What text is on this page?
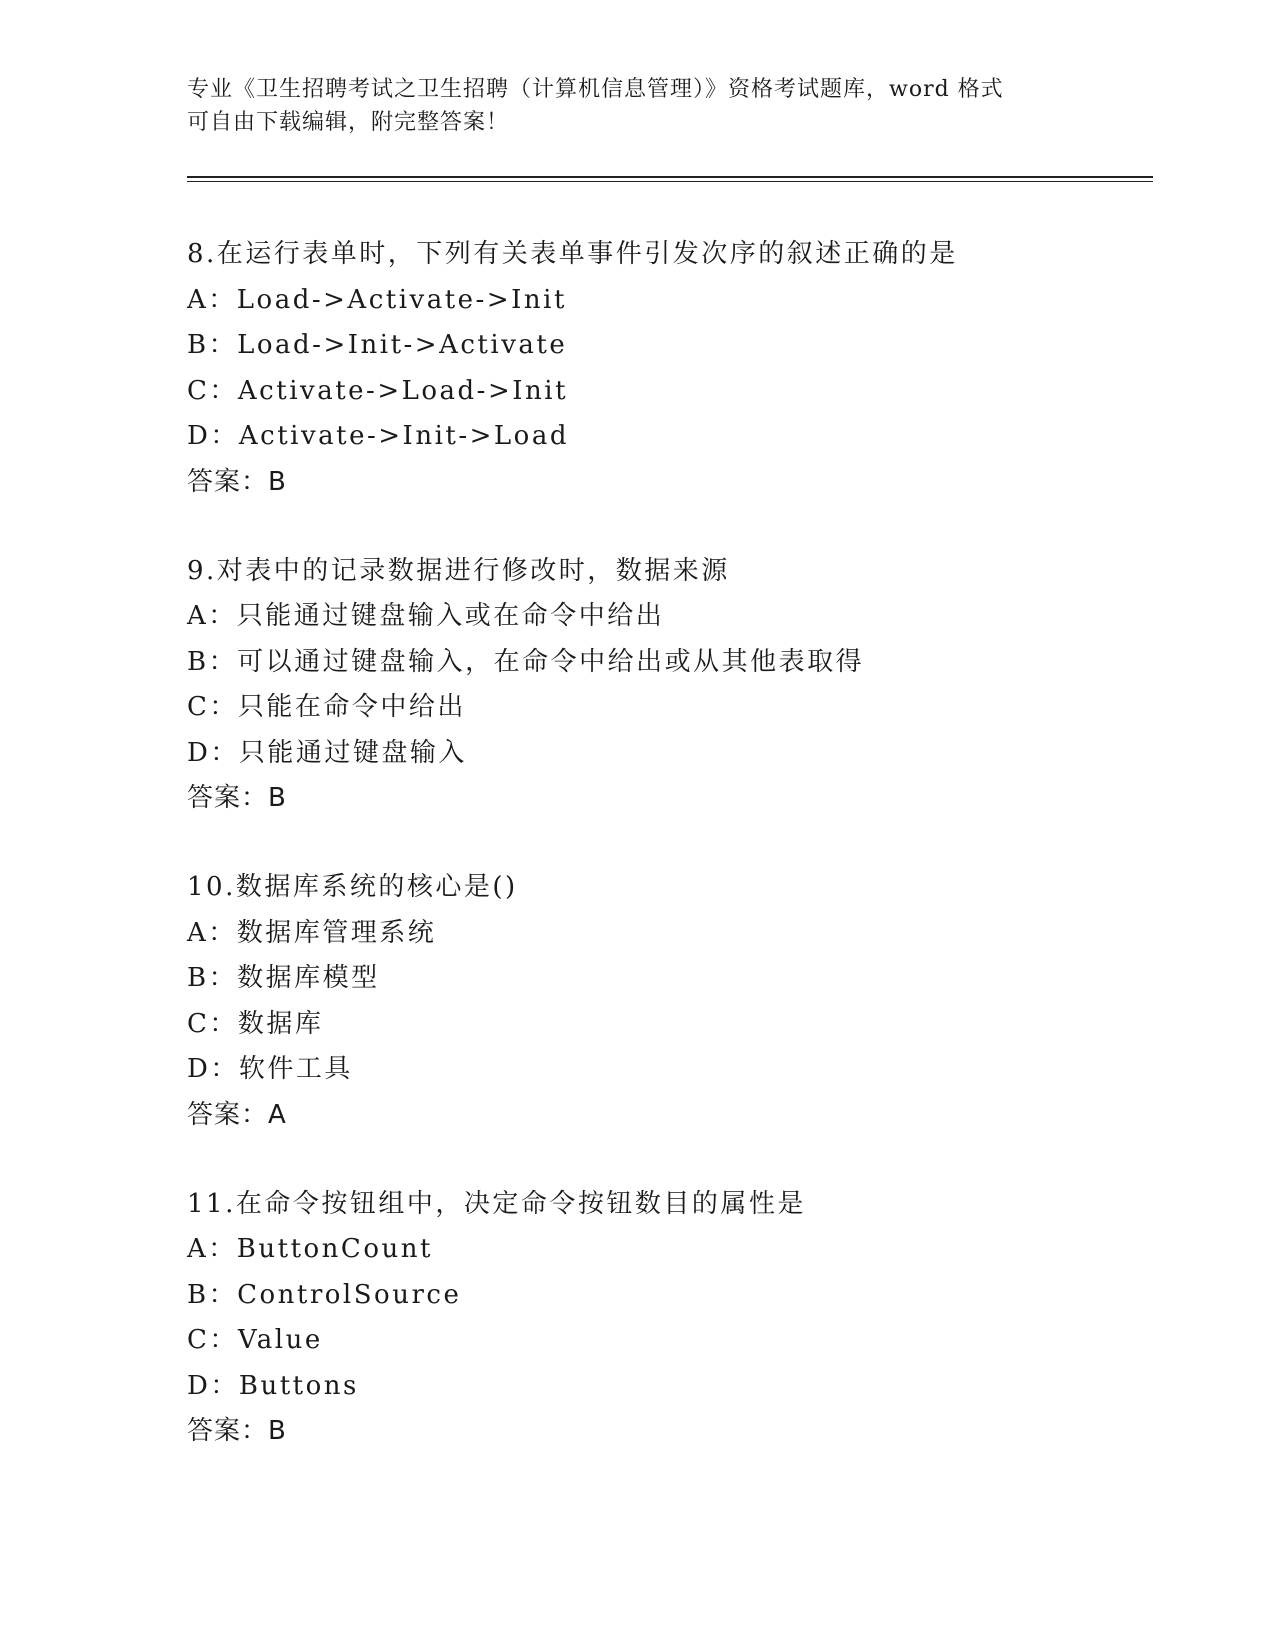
专业《卫生招聘考试之卫生招聘（计算机信息管理）》资格考试题库，word 格式
可自由下载编辑，附完整答案！
8.在运行表单时，下列有关表单事件引发次序的叙述正确的是
A：Load->Activate->Init
B：Load->Init->Activate
C：Activate->Load->Init
D：Activate->Init->Load
答案：B
9.对表中的记录数据进行修改时，数据来源
A：只能通过键盘输入或在命令中给出
B：可以通过键盘输入，在命令中给出或从其他表取得
C：只能在命令中给出
D：只能通过键盘输入
答案：B
10.数据库系统的核心是()
A：数据库管理系统
B：数据库模型
C：数据库
D：软件工具
答案：A
11.在命令按钮组中，决定命令按钮数目的属性是
A：ButtonCount
B：ControlSource
C：Value
D：Buttons
答案：B
